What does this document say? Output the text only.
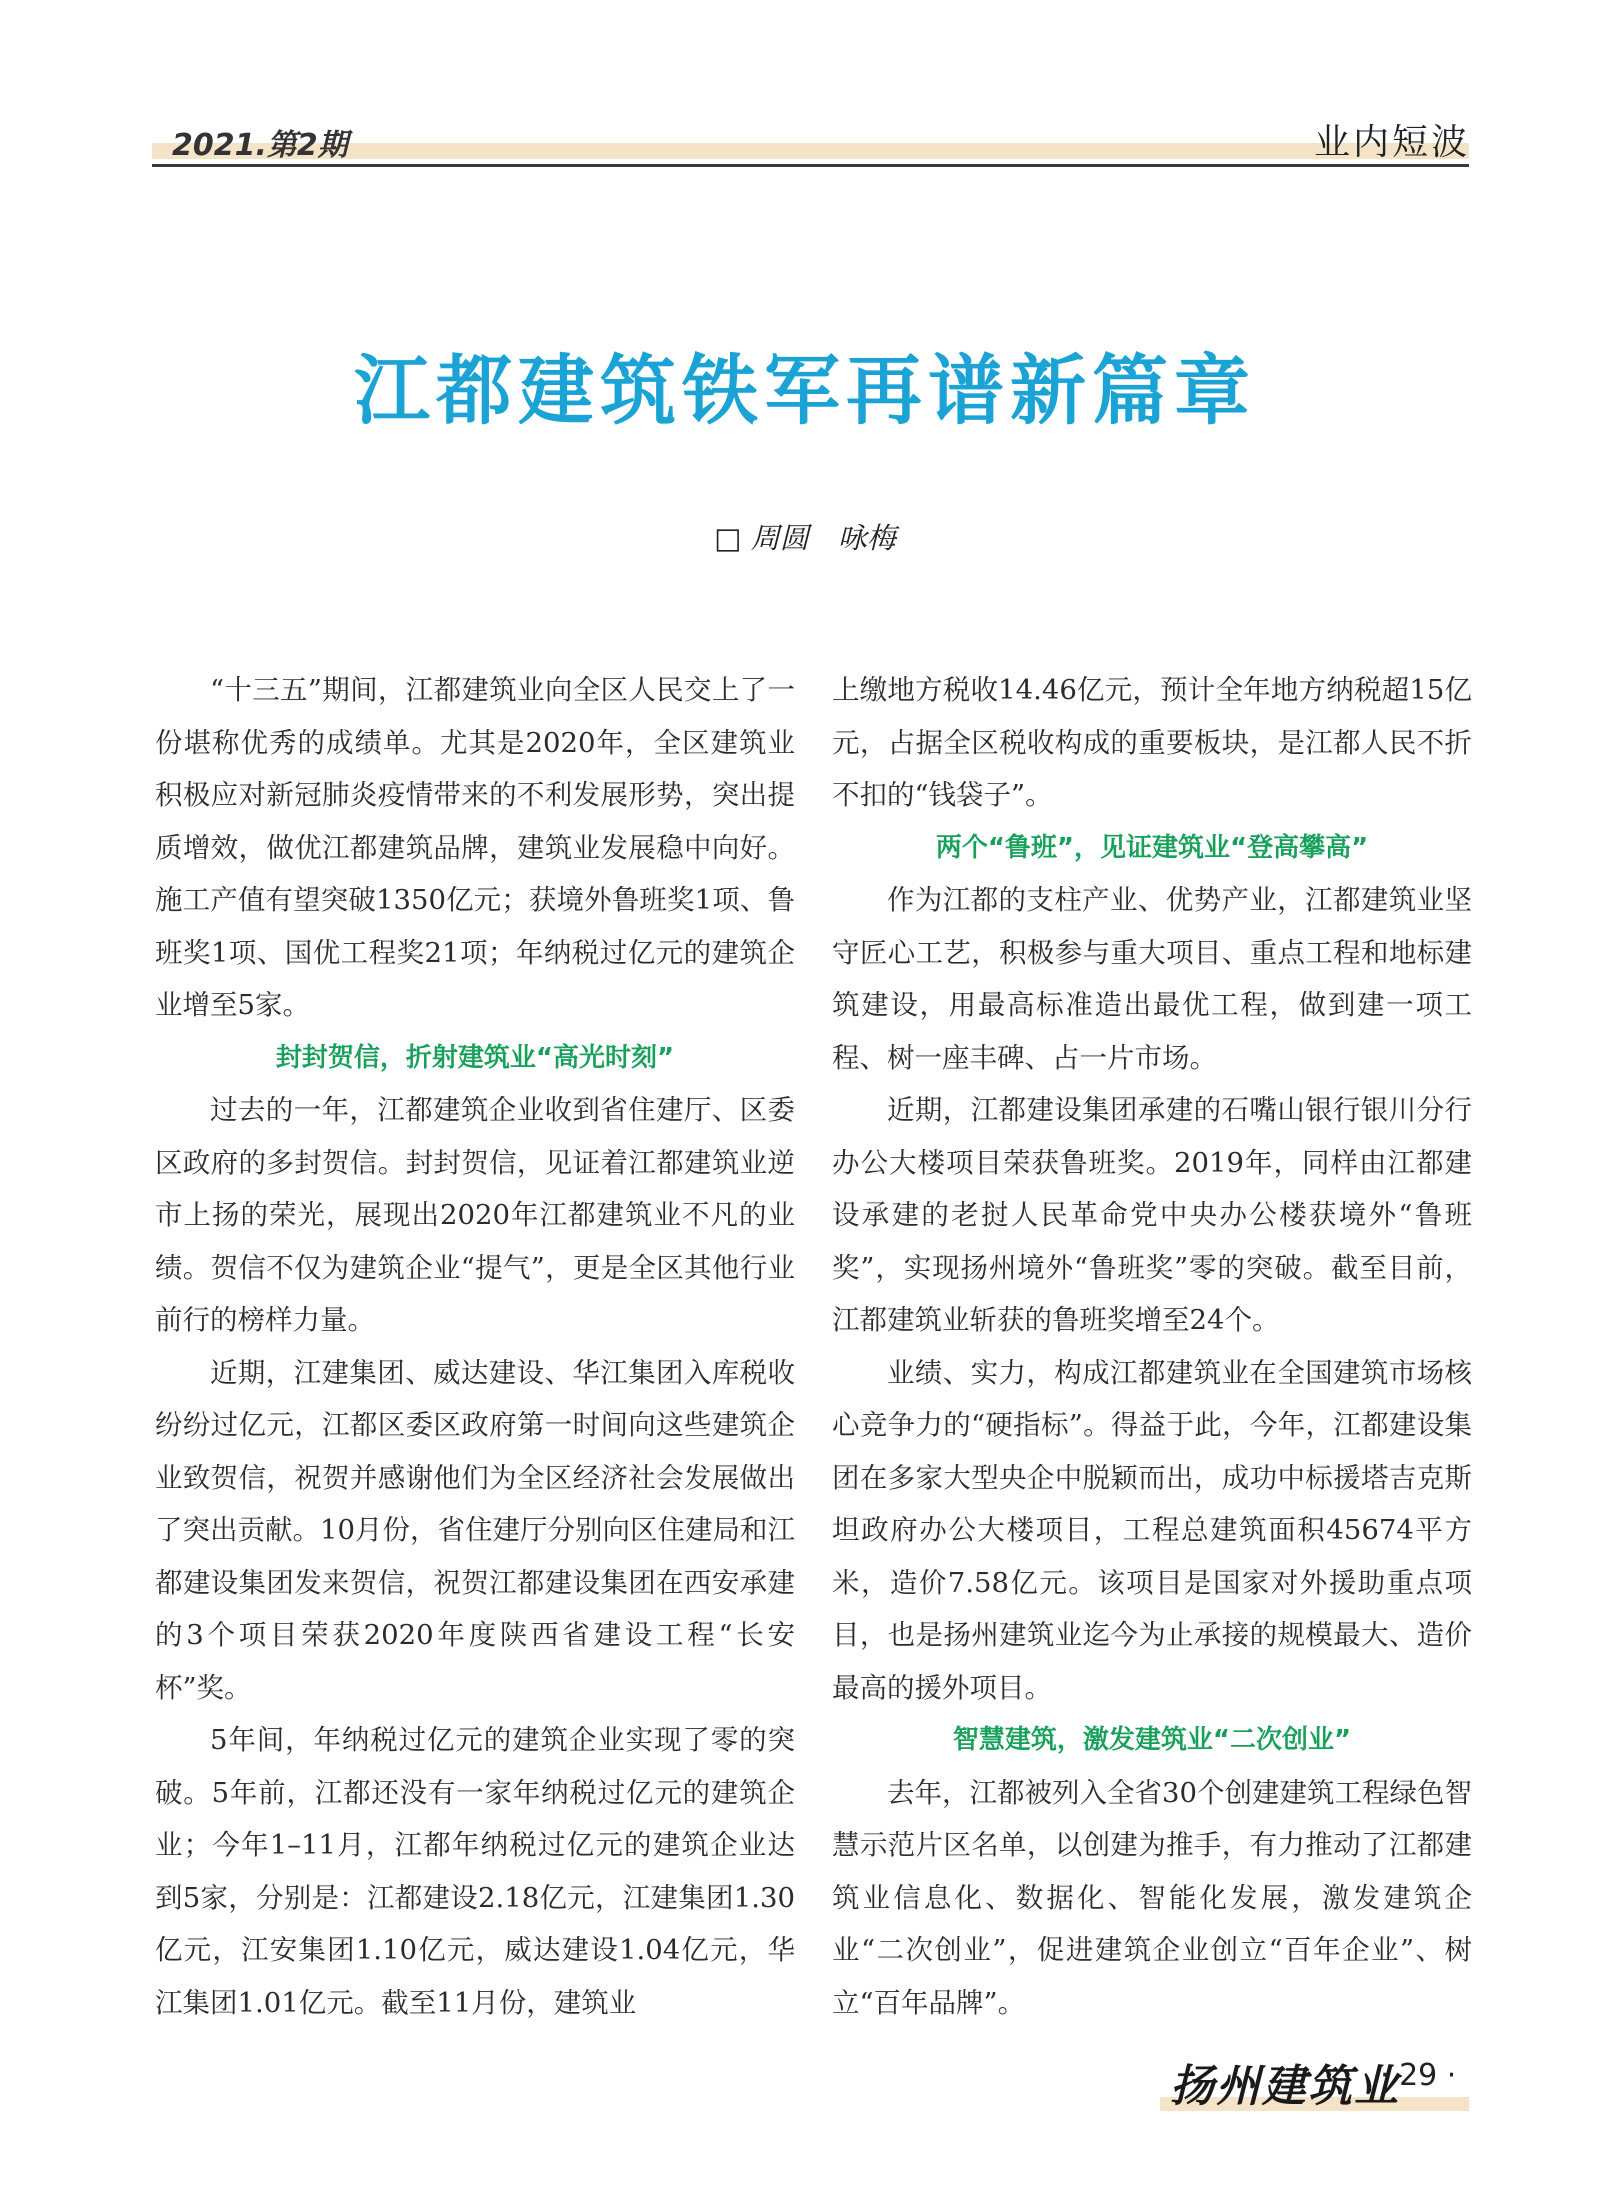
2021.第2期	业内短波
江都建筑铁军再谱新篇章
□ 周圆　咏梅

“十三五”期间，江都建筑业向全区人民交上了一份堪称优秀的成绩单。尤其是2020年，全区建筑业积极应对新冠肺炎疫情带来的不利发展形势，突出提质增效，做优江都建筑品牌，建筑业发展稳中向好。施工产值有望突破1350亿元；获境外鲁班奖1项、鲁班奖1项、国优工程奖21项；年纳税过亿元的建筑企业增至5家。

封封贺信，折射建筑业“高光时刻”

过去的一年，江都建筑企业收到省住建厅、区委区政府的多封贺信。封封贺信，见证着江都建筑业逆市上扬的荣光，展现出2020年江都建筑业不凡的业绩。贺信不仅为建筑企业“提气”，更是全区其他行业前行的榜样力量。

近期，江建集团、威达建设、华江集团入库税收纷纷过亿元，江都区委区政府第一时间向这些建筑企业致贺信，祝贺并感谢他们为全区经济社会发展做出了突出贡献。10月份，省住建厅分别向区住建局和江都建设集团发来贺信，祝贺江都建设集团在西安承建的3个项目荣获2020年度陕西省建设工程“长安杯”奖。

5年间，年纳税过亿元的建筑企业实现了零的突破。5年前，江都还没有一家年纳税过亿元的建筑企业；今年1–11月，江都年纳税过亿元的建筑企业达到5家，分别是：江都建设2.18亿元，江建集团1.30亿元，江安集团1.10亿元，威达建设1.04亿元，华江集团1.01亿元。截至11月份，建筑业

上缴地方税收14.46亿元，预计全年地方纳税超15亿元，占据全区税收构成的重要板块，是江都人民不折不扣的“钱袋子”。

两个“鲁班”，见证建筑业“登高攀高”

作为江都的支柱产业、优势产业，江都建筑业坚守匠心工艺，积极参与重大项目、重点工程和地标建筑建设，用最高标准造出最优工程，做到建一项工程、树一座丰碑、占一片市场。

近期，江都建设集团承建的石嘴山银行银川分行办公大楼项目荣获鲁班奖。2019年，同样由江都建设承建的老挝人民革命党中央办公楼获境外“鲁班奖”，实现扬州境外“鲁班奖”零的突破。截至目前，江都建筑业斩获的鲁班奖增至24个。

业绩、实力，构成江都建筑业在全国建筑市场核心竞争力的“硬指标”。得益于此，今年，江都建设集团在多家大型央企中脱颖而出，成功中标援塔吉克斯坦政府办公大楼项目，工程总建筑面积45674平方米，造价7.58亿元。该项目是国家对外援助重点项目，也是扬州建筑业迄今为止承接的规模最大、造价最高的援外项目。

智慧建筑，激发建筑业“二次创业”

去年，江都被列入全省30个创建建筑工程绿色智慧示范片区名单，以创建为推手，有力推动了江都建筑业信息化、数据化、智能化发展，激发建筑企业“二次创业”，促进建筑企业创立“百年企业”、树立“百年品牌”。

扬州建筑业
· 29 ·
